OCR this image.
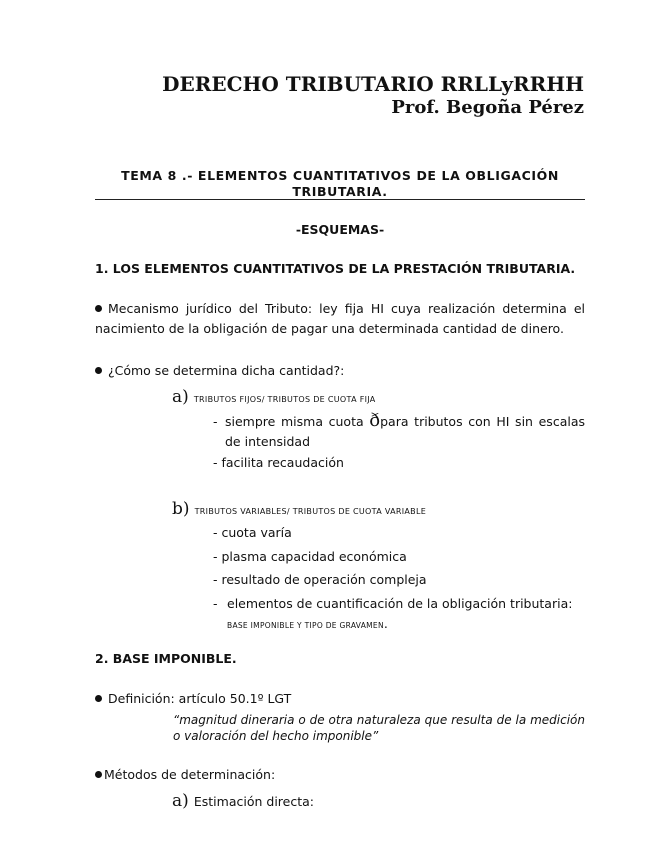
DERECHO TRIBUTARIO RRLLyRRHH
Prof. Begoña Pérez
TEMA 8 .- ELEMENTOS CUANTITATIVOS DE LA OBLIGACIÓN
TRIBUTARIA.
-ESQUEMAS-
1. LOS ELEMENTOS CUANTITATIVOS DE LA PRESTACIÓN TRIBUTARIA.
Mecanismo jurídico del Tributo: ley fija HI cuya realización determina el nacimiento de la obligación de pagar una determinada cantidad de dinero.
¿Cómo se determina dicha cantidad?:
a) TRIBUTOS FIJOS/ TRIBUTOS DE CUOTA FIJA
- siempre misma cuota ðpara tributos con HI sin escalas de intensidad
- facilita recaudación
b) TRIBUTOS VARIABLES/ TRIBUTOS DE CUOTA VARIABLE
- cuota varía
- plasma capacidad económica
- resultado de operación compleja
- elementos de cuantificación de la obligación tributaria:
BASE IMPONIBLE Y TIPO DE GRAVAMEN.
2. BASE IMPONIBLE.
Definición: artículo 50.1º LGT
“magnitud dineraria o de otra naturaleza que resulta de la medición o valoración del hecho imponible”
Métodos de determinación:
a) Estimación directa:
